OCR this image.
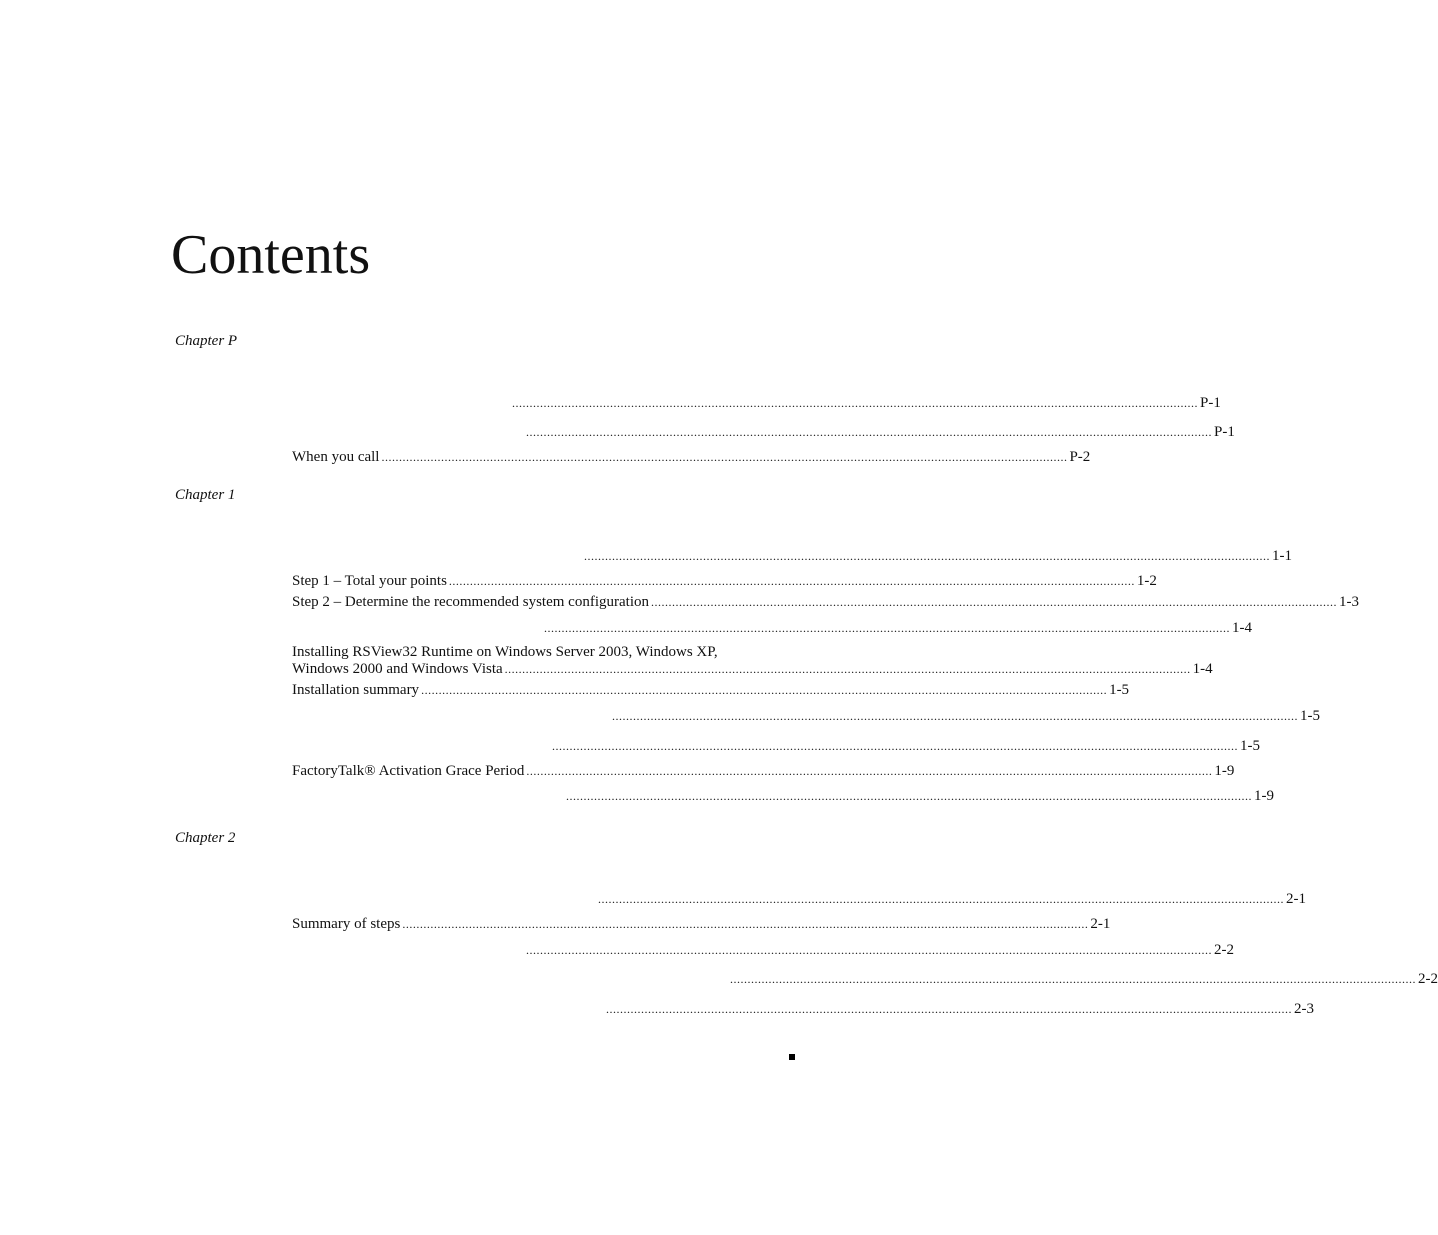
Contents
Chapter P
.................................................................................................................................................................................................... P-1
.................................................................................................................................................................................................... P-1
When you call .................................................................................................................................................................................................... P-2
Chapter 1
.................................................................................................................................................................................................... 1-1
Step 1 – Total your points .................................................................................................................................................................................................... 1-2
Step 2 – Determine the recommended system configuration .................................................................................................................................................................................................... 1-3
.................................................................................................................................................................................................... 1-4
Installing RSView32 Runtime on Windows Server 2003, Windows XP,
Windows 2000 and Windows Vista .................................................................................................................................................................................................... 1-4
Installation summary .................................................................................................................................................................................................... 1-5
.................................................................................................................................................................................................... 1-5
.................................................................................................................................................................................................... 1-5
FactoryTalk® Activation Grace Period .................................................................................................................................................................................................... 1-9
.................................................................................................................................................................................................... 1-9
Chapter 2
.................................................................................................................................................................................................... 2-1
Summary of steps .................................................................................................................................................................................................... 2-1
.................................................................................................................................................................................................... 2-2
.................................................................................................................................................................................................... 2-2
.................................................................................................................................................................................................... 2-3
